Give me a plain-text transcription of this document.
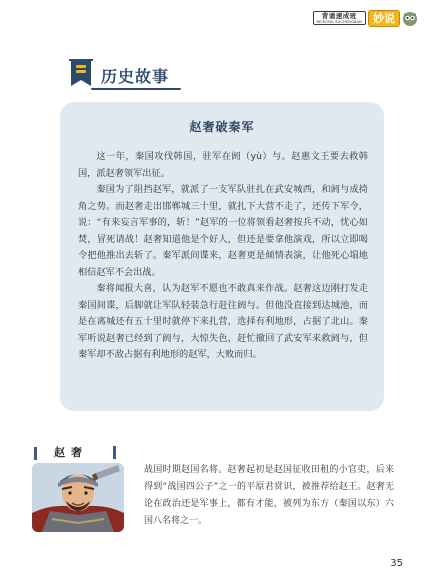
背诵速成班
BEISONG SUCHENGBAN	妙说
历史故事
赵奢破秦军

这一年，秦国攻伐韩国，驻军在阏（yù）与。赵惠文王要去救韩国，派赵奢领军出征。

秦国为了阻挡赵军，就派了一支军队驻扎在武安城西，和阏与成掎角之势。而赵奢走出邯郸城三十里，就扎下大营不走了，还传下军令，说：“有来妄言军事的，斩！”赵军的一位将领看赵奢按兵不动，忧心如焚，冒死请战！赵奢知道他是个好人，但还是要拿他演戏，所以立即喝令把他推出去斩了。秦军派间谍来，赵奢更是倾情表演，让他死心塌地相信赵军不会出战。

秦将闻报大喜，认为赵军不愿也不敢真来作战。赵奢这边刚打发走秦国间谍，后脚就让军队轻装急行赶往阏与。但他没直接到达城池，而是在离城还有五十里时就停下来扎营，选择有利地形，占据了北山。秦军听说赵奢已经到了阏与，大惊失色，赶忙撤回了武安军来救阏与，但秦军却不敌占据有利地形的赵军，大败而归。

赵奢

战国时期赵国名将。赵奢起初是赵国征收田租的小官吏，后来得到“战国四公子”之一的平原君赏识，被推荐给赵王。赵奢无论在政治还是军事上，都有才能，被列为东方（秦国以东）六国八名将之一。

35
